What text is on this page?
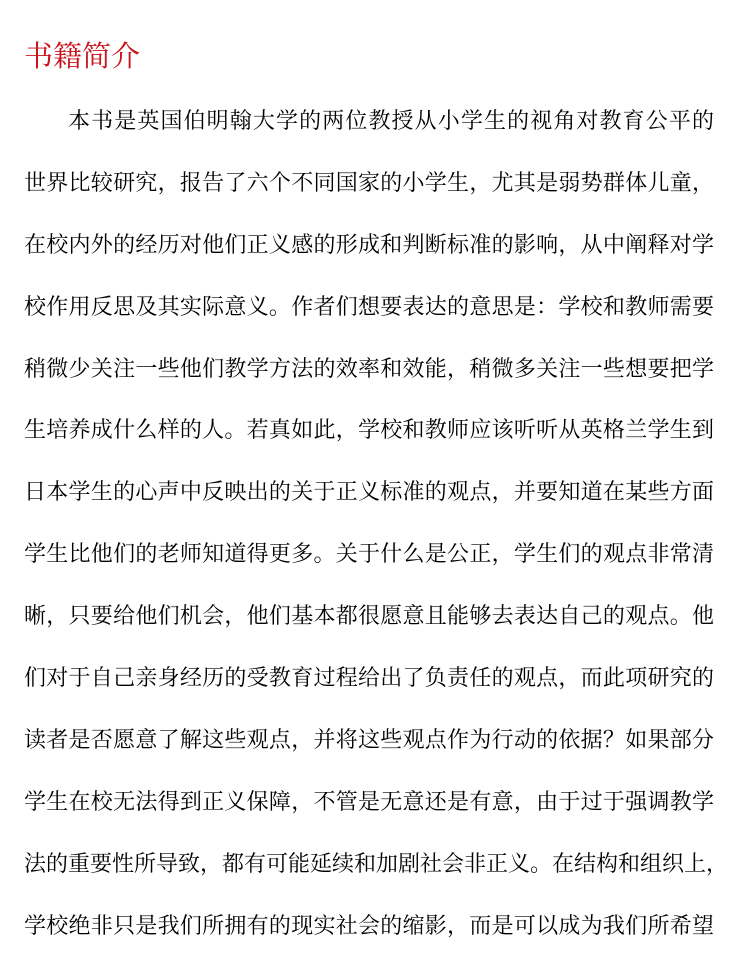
书籍简介
本书是英国伯明翰大学的两位教授从小学生的视角对教育公平的
世界比较研究，报告了六个不同国家的小学生，尤其是弱势群体儿童，
在校内外的经历对他们正义感的形成和判断标准的影响，从中阐释对学
校作用反思及其实际意义。作者们想要表达的意思是：学校和教师需要
稍微少关注一些他们教学方法的效率和效能，稍微多关注一些想要把学
生培养成什么样的人。若真如此，学校和教师应该听听从英格兰学生到
日本学生的心声中反映出的关于正义标准的观点，并要知道在某些方面
学生比他们的老师知道得更多。关于什么是公正，学生们的观点非常清
晰，只要给他们机会，他们基本都很愿意且能够去表达自己的观点。他
们对于自己亲身经历的受教育过程给出了负责任的观点，而此项研究的
读者是否愿意了解这些观点，并将这些观点作为行动的依据？如果部分
学生在校无法得到正义保障，不管是无意还是有意，由于过于强调教学
法的重要性所导致，都有可能延续和加剧社会非正义。在结构和组织上，
学校绝非只是我们所拥有的现实社会的缩影，而是可以成为我们所希望
